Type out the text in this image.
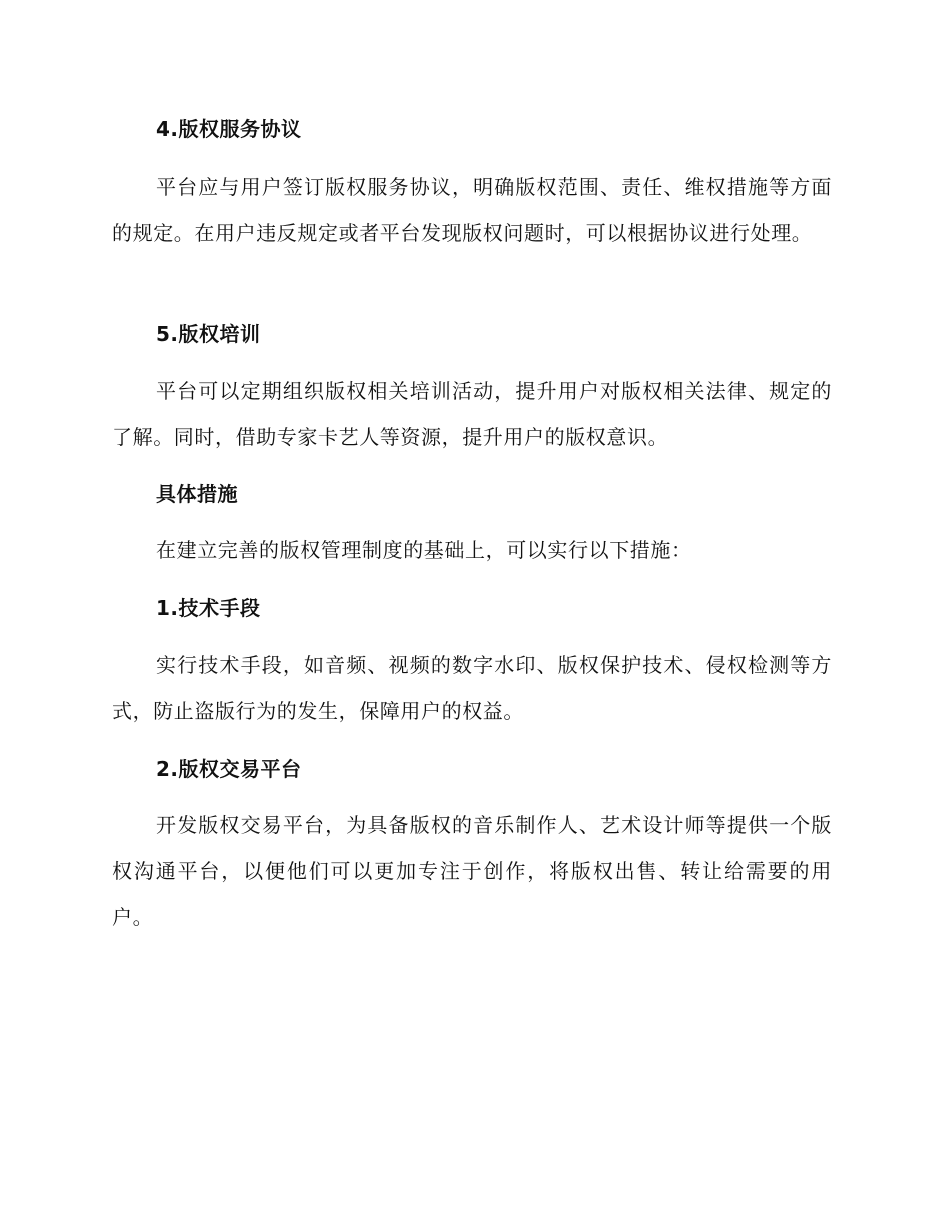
4.版权服务协议
平台应与用户签订版权服务协议，明确版权范围、责任、维权措施等方面的规定。在用户违反规定或者平台发现版权问题时，可以根据协议进行处理。
5.版权培训
平台可以定期组织版权相关培训活动，提升用户对版权相关法律、规定的了解。同时，借助专家卡艺人等资源，提升用户的版权意识。
具体措施
在建立完善的版权管理制度的基础上，可以实行以下措施：
1.技术手段
实行技术手段，如音频、视频的数字水印、版权保护技术、侵权检测等方式，防止盗版行为的发生，保障用户的权益。
2.版权交易平台
开发版权交易平台，为具备版权的音乐制作人、艺术设计师等提供一个版权沟通平台，以便他们可以更加专注于创作，将版权出售、转让给需要的用户。
